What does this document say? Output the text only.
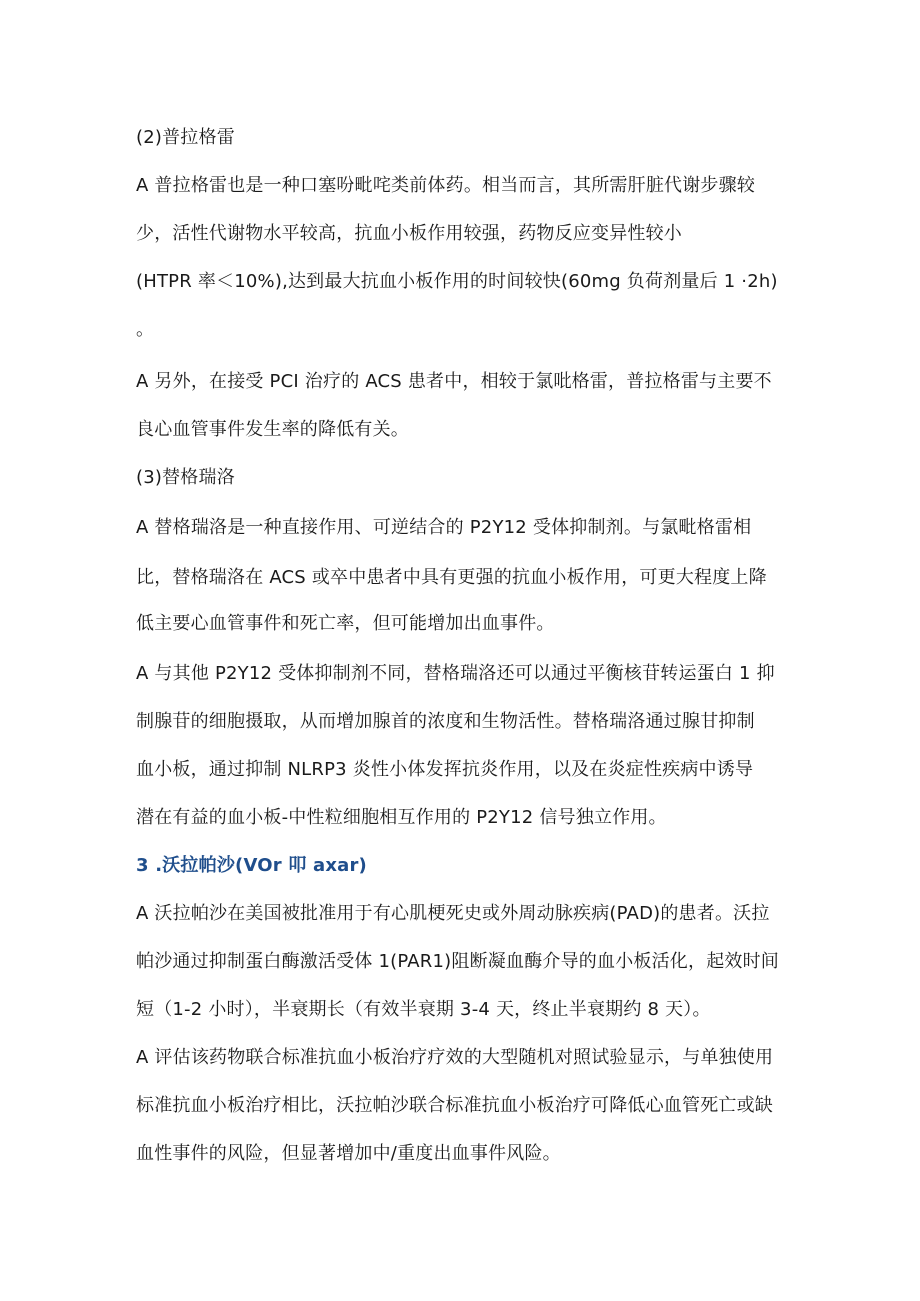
(2)普拉格雷
A 普拉格雷也是一种口塞吩毗咤类前体药。相当而言，其所需肝脏代谢步骤较
少，活性代谢物水平较高，抗血小板作用较强，药物反应变异性较小
(HTPR 率＜10%),达到最大抗血小板作用的时间较快(60mg 负荷剂量后 1 ·2h)
。
A 另外，在接受 PCI 治疗的 ACS 患者中，相较于氯吡格雷，普拉格雷与主要不
良心血管事件发生率的降低有关。
(3)替格瑞洛
A 替格瑞洛是一种直接作用、可逆结合的 P2Y12 受体抑制剂。与氯毗格雷相
比，替格瑞洛在 ACS 或卒中患者中具有更强的抗血小板作用，可更大程度上降
低主要心血管事件和死亡率，但可能增加出血事件。
A 与其他 P2Y12 受体抑制剂不同，替格瑞洛还可以通过平衡核苷转运蛋白 1 抑
制腺苷的细胞摄取，从而增加腺首的浓度和生物活性。替格瑞洛通过腺甘抑制
血小板，通过抑制 NLRP3 炎性小体发挥抗炎作用，以及在炎症性疾病中诱导
潜在有益的血小板-中性粒细胞相互作用的 P2Y12 信号独立作用。
3 .沃拉帕沙(VOr 叩 axar)
A 沃拉帕沙在美国被批准用于有心肌梗死史或外周动脉疾病(PAD)的患者。沃拉
帕沙通过抑制蛋白酶激活受体 1(PAR1)阻断凝血酶介导的血小板活化，起效时间
短（1-2 小时），半衰期长（有效半衰期 3-4 天，终止半衰期约 8 天）。
A 评估该药物联合标准抗血小板治疗疗效的大型随机对照试验显示，与单独使用
标准抗血小板治疗相比，沃拉帕沙联合标准抗血小板治疗可降低心血管死亡或缺
血性事件的风险，但显著增加中/重度出血事件风险。
